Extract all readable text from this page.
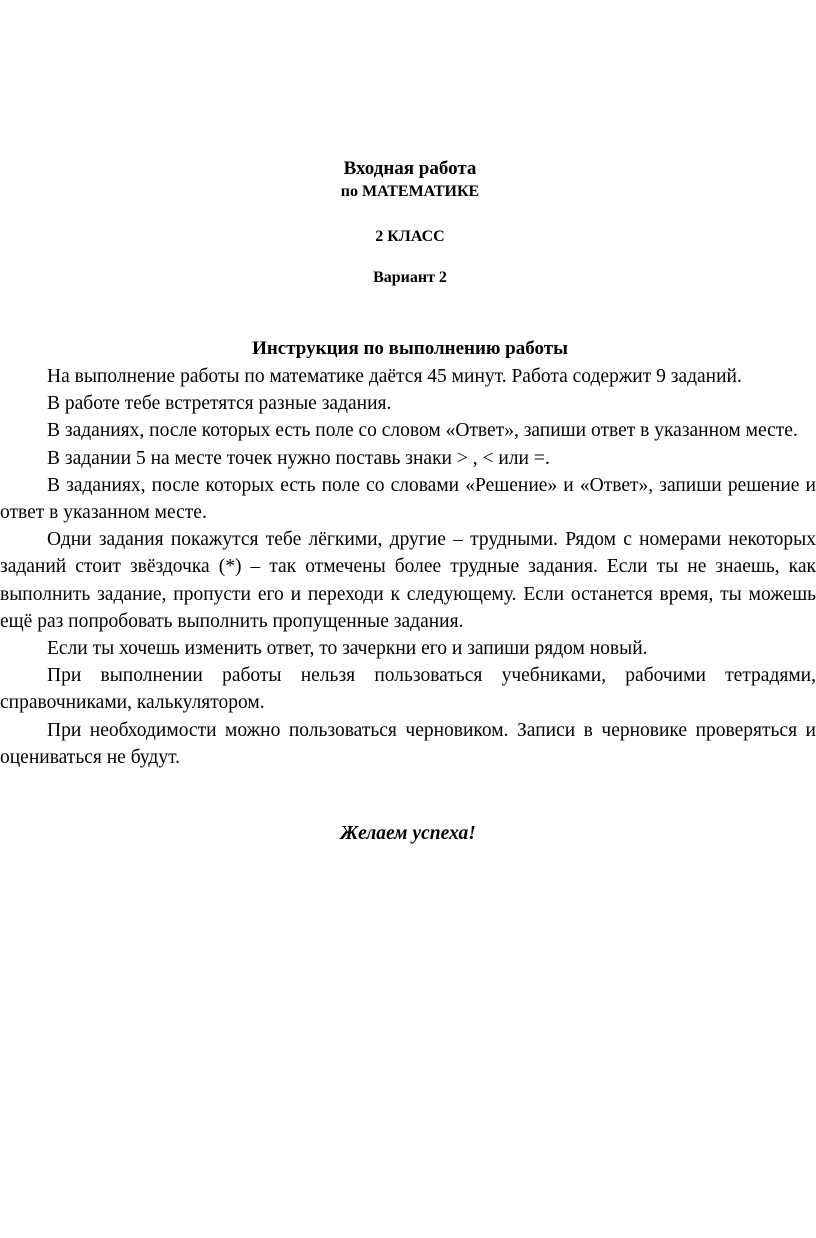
Входная работа
по МАТЕМАТИКЕ
2 КЛАСС
Вариант 2
Инструкция по выполнению работы

На выполнение работы по математике даётся 45 минут. Работа содержит 9 заданий.

В работе тебе встретятся разные задания.

В заданиях, после которых есть поле со словом «Ответ», запиши ответ в указанном месте.

В задании 5 на месте точек нужно поставь знаки > , < или =.

В заданиях, после которых есть поле со словами «Решение» и «Ответ», запиши решение и ответ в указанном месте.

Одни задания покажутся тебе лёгкими, другие – трудными. Рядом с номерами некоторых заданий стоит звёздочка (*) – так отмечены более трудные задания. Если ты не знаешь, как выполнить задание, пропусти его и переходи к следующему. Если останется время, ты можешь ещё раз попробовать выполнить пропущенные задания.

Если ты хочешь изменить ответ, то зачеркни его и запиши рядом новый.

При выполнении работы нельзя пользоваться учебниками, рабочими тетрадями, справочниками, калькулятором.

При необходимости можно пользоваться черновиком. Записи в черновике проверяться и оцениваться не будут.

Желаем успеха!
